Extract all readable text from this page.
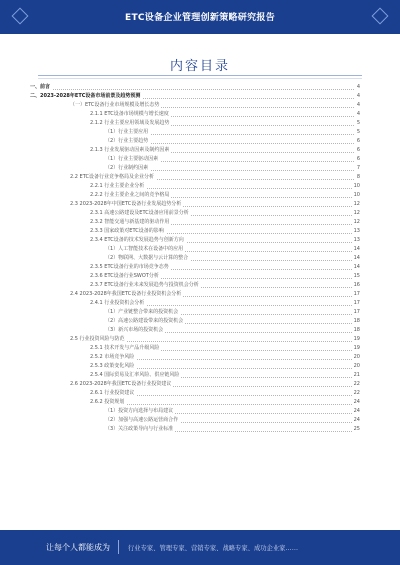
ETC设备企业管理创新策略研究报告
内容目录
一、前言	4
二、2023-2028年ETC设备市场前景及趋势预测	4
（一）ETC设备行业市场规模及增长态势	4
2.1.1 ETC设备市场规模与增长速度	4
2.1.2 行业主要应用领域及发展趋势	5
（1）行业主要应用	5
（2）行业主要趋势	6
2.1.3 行业发展驱动因素及制约因素	6
（1）行业主要驱动因素	6
（2）行业制约因素	7
2.2 ETC设备行业竞争格局及企业分析	8
2.2.1 行业主要企业分析	10
2.2.2 行业主要企业之间的竞争格局	10
2.3 2023-2028年中国ETC设备行业发展趋势分析	12
2.3.1 高速公路建设及ETC设备应用前景分析	12
2.3.2 智能交通与新基建的驱动作用	12
2.3.3 国家政策对ETC设备的影响	13
2.3.4 ETC设备的技术发展趋势与创新方向	13
（1）人工智能技术在设备中的应用	14
（2）物联网、大数据与云计算的整合	14
2.3.5 ETC设备行业的市场竞争态势	14
2.3.6 ETC设备行业SWOT分析	15
2.3.7 ETC设备行业未来发展趋势与投资机会分析	16
2.4 2023-2028年我国ETC设备行业投资机会分析	17
2.4.1 行业投资机会分析	17
（1）产业链整合带来的投资机会	17
（2）高速公路建设带来的投资机会	18
（3）新兴市场的投资机会	18
2.5 行业投资风险与防范	19
2.5.1 技术开发与产品升级风险	19
2.5.2 市场竞争风险	20
2.5.3 政策变化风险	20
2.5.4 国际贸易及汇率风险、供应链风险	21
2.6 2023-2028年我国ETC设备行业投资建议	22
2.6.1 行业投资建议	22
2.6.2 投资规划	24
（1）投资方向选择与布局建议	24
（2）加强与高速公路运营商合作	24
（3）关注政策导向与行业标准	25
让每个人都能成为	行业专家、管理专家、营销专家、战略专家、成功企业家……
